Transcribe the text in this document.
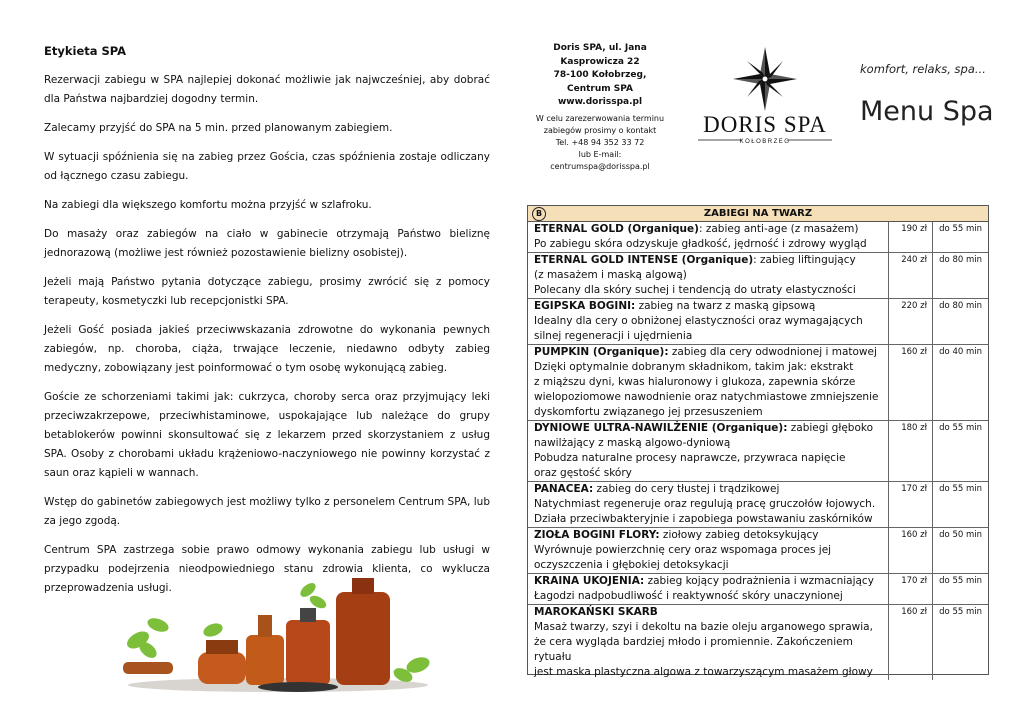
Etykieta SPA

Rezerwacji zabiegu w SPA najlepiej dokonać możliwie jak najwcześniej, aby dobrać dla Państwa najbardziej dogodny termin.

Zalecamy przyjść do SPA na 5 min. przed planowanym zabiegiem.

W sytuacji spóźnienia się na zabieg przez Gościa, czas spóźnienia zostaje odliczany od łącznego czasu zabiegu.

Na zabiegi dla większego komfortu można przyjść w szlafroku.

Do masaży oraz zabiegów na ciało w gabinecie otrzymają Państwo bieliznę jednorazową (możliwe jest również pozostawienie bielizny osobistej).

Jeżeli mają Państwo pytania dotyczące zabiegu, prosimy zwrócić się z pomocy terapeuty, kosmetyczki lub recepcjonistki SPA.

Jeżeli Gość posiada jakieś przeciwwskazania zdrowotne do wykonania pewnych zabiegów, np. choroba, ciąża, trwające leczenie, niedawno odbyty zabieg medyczny, zobowiązany jest poinformować o tym osobę wykonującą zabieg.

Goście ze schorzeniami takimi jak: cukrzyca, choroby serca oraz przyjmujący leki przeciwzakrzepowe, przeciwhistaminowe, uspokajające lub należące do grupy betablokerów powinni skonsultować się z lekarzem przed skorzystaniem z usług SPA. Osoby z chorobami układu krążeniowo-naczyniowego nie powinny korzystać z saun oraz kąpieli w wannach.

Wstęp do gabinetów zabiegowych jest możliwy tylko z personelem Centrum SPA, lub za jego zgodą.

Centrum SPA zastrzega sobie prawo odmowy wykonania zabiegu lub usługi w przypadku podejrzenia nieodpowiedniego stanu zdrowia klienta, co wyklucza przeprowadzenia usługi.

Doris SPA, ul. Jana
Kasprowicza 22
78-100 Kołobrzeg,
Centrum SPA
www.dorisspa.pl
W celu zarezerwowania terminu
zabiegów prosimy o kontakt
Tel. +48 94 352 33 72
lub E-mail:
centrumspa@dorisspa.pl
DORIS SPA
KOŁOBRZEG
komfort, relaks, spa...
Menu Spa
B	ZABIEGI NA TWARZ
ETERNAL GOLD (Organique): zabieg anti-age (z masażem)
Po zabiegu skóra odzyskuje gładkość, jędrność i zdrowy wygląd
190 zł	do 55 min
ETERNAL GOLD INTENSE (Organique): zabieg liftingujący
(z masażem i maską algową)
Polecany dla skóry suchej i tendencją do utraty elastyczności
240 zł	do 80 min
EGIPSKA BOGINI: zabieg na twarz z maską gipsową
Idealny dla cery o obniżonej elastyczności oraz wymagających silnej regeneracji i ujędrnienia
220 zł	do 80 min
PUMPKIN (Organique): zabieg dla cery odwodnionej i matowej
Dzięki optymalnie dobranym składnikom, takim jak: ekstrakt
z miąższu dyni, kwas hialuronowy i glukoza, zapewnia skórze
wielopoziomowe nawodnienie oraz natychmiastowe zmniejszenie
dyskomfortu związanego jej przesuszeniem
160 zł	do 40 min
DYNIOWE ULTRA-NAWILŻENIE (Organique): zabiegi głęboko
nawilżający z maską algowo-dyniową
Pobudza naturalne procesy naprawcze, przywraca napięcie
oraz gęstość skóry
180 zł	do 55 min
PANACEA: zabieg do cery tłustej i trądzikowej
Natychmiast regeneruje oraz regulują pracę gruczołów łojowych.
Działa przeciwbakteryjnie i zapobiega powstawaniu zaskórników
170 zł	do 55 min
ZIOŁA BOGINI FLORY: ziołowy zabieg detoksykujący
Wyrównuje powierzchnię cery oraz wspomaga proces jej oczyszczenia i głębokiej detoksykacji
160 zł	do 50 min
KRAINA UKOJENIA: zabieg kojący podrażnienia i wzmacniający
Łagodzi nadpobudliwość i reaktywność skóry unaczynionej
170 zł	do 55 min
MAROKAŃSKI SKARB
Masaż twarzy, szyi i dekoltu na bazie oleju arganowego sprawia,
że cera wygląda bardziej młodo i promiennie. Zakończeniem rytuału
jest maska plastyczna algowa z towarzyszącym masażem głowy
160 zł	do 55 min
